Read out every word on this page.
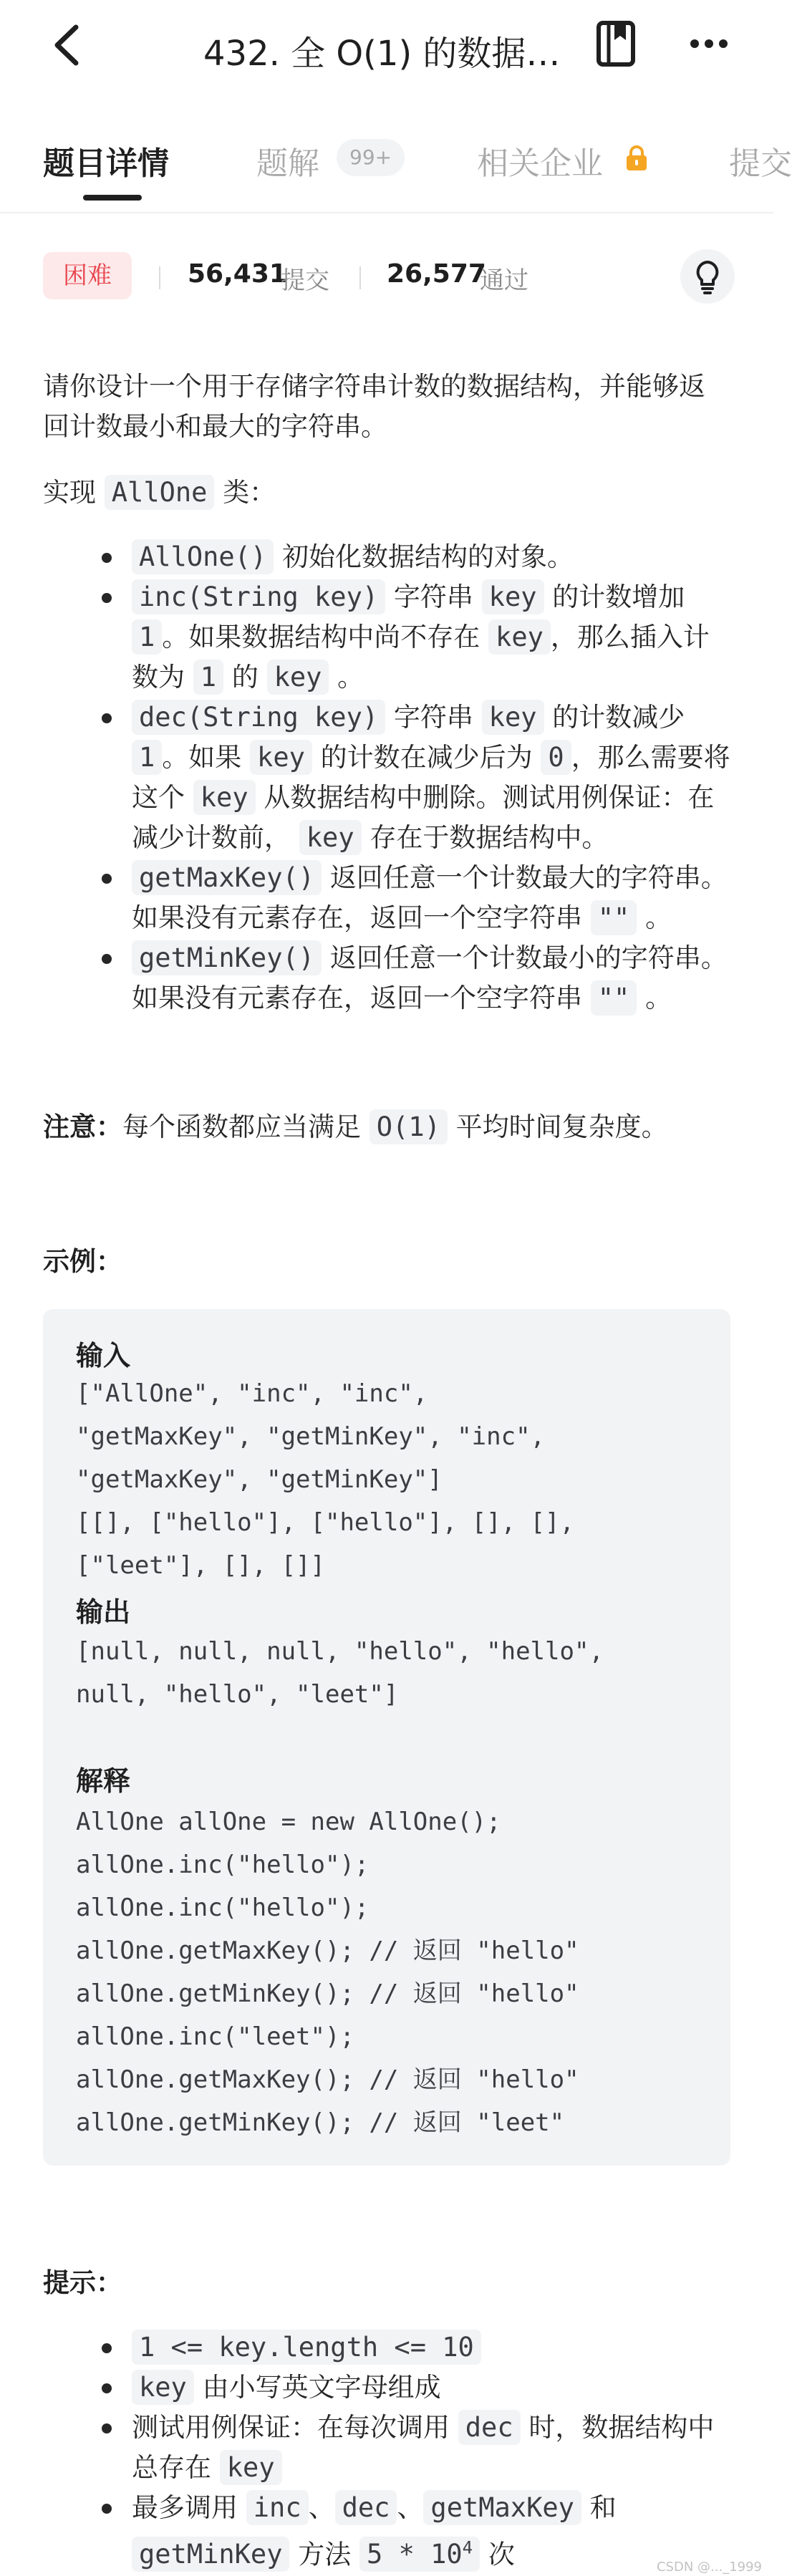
432. 全 O(1) 的数据…
题目详情	题解	99+	相关企业	提交
困难	56,431
提交 26,577
通过
请你设计一个用于存储字符串计数的数据结构，并能够返回计数最小和最大的字符串。
实现 AllOne 类：
AllOne() 初始化数据结构的对象。
inc(String key) 字符串 key 的计数增加 1 。如果数据结构中尚不存在 key ，那么插入计数为 1 的 key 。
dec(String key) 字符串 key 的计数减少 1 。如果 key 的计数在减少后为 0 ，那么需要将这个 key 从数据结构中删除。测试用例保证：在减少计数前， key 存在于数据结构中。
getMaxKey() 返回任意一个计数最大的字符串。如果没有元素存在，返回一个空字符串 "" 。
getMinKey() 返回任意一个计数最小的字符串。如果没有元素存在，返回一个空字符串 "" 。
注意：每个函数都应当满足 O(1) 平均时间复杂度。
示例：
输入
["AllOne", "inc", "inc",
"getMaxKey", "getMinKey", "inc",
"getMaxKey", "getMinKey"]
[[], ["hello"], ["hello"], [], [],
["leet"], [], []]
输出
[null, null, null, "hello", "hello",
null, "hello", "leet"]
解释
AllOne allOne = new AllOne();
allOne.inc("hello");
allOne.inc("hello");
allOne.getMaxKey(); // 返回 "hello"
allOne.getMinKey(); // 返回 "hello"
allOne.inc("leet");
allOne.getMaxKey(); // 返回 "hello"
allOne.getMinKey(); // 返回 "leet"
提示：
1 <= key.length <= 10
key 由小写英文字母组成
测试用例保证：在每次调用 dec 时，数据结构中总存在 key
最多调用 inc 、 dec 、 getMaxKey 和 getMinKey 方法 $5 * 10^4$ 次	CSDN @..._1999
